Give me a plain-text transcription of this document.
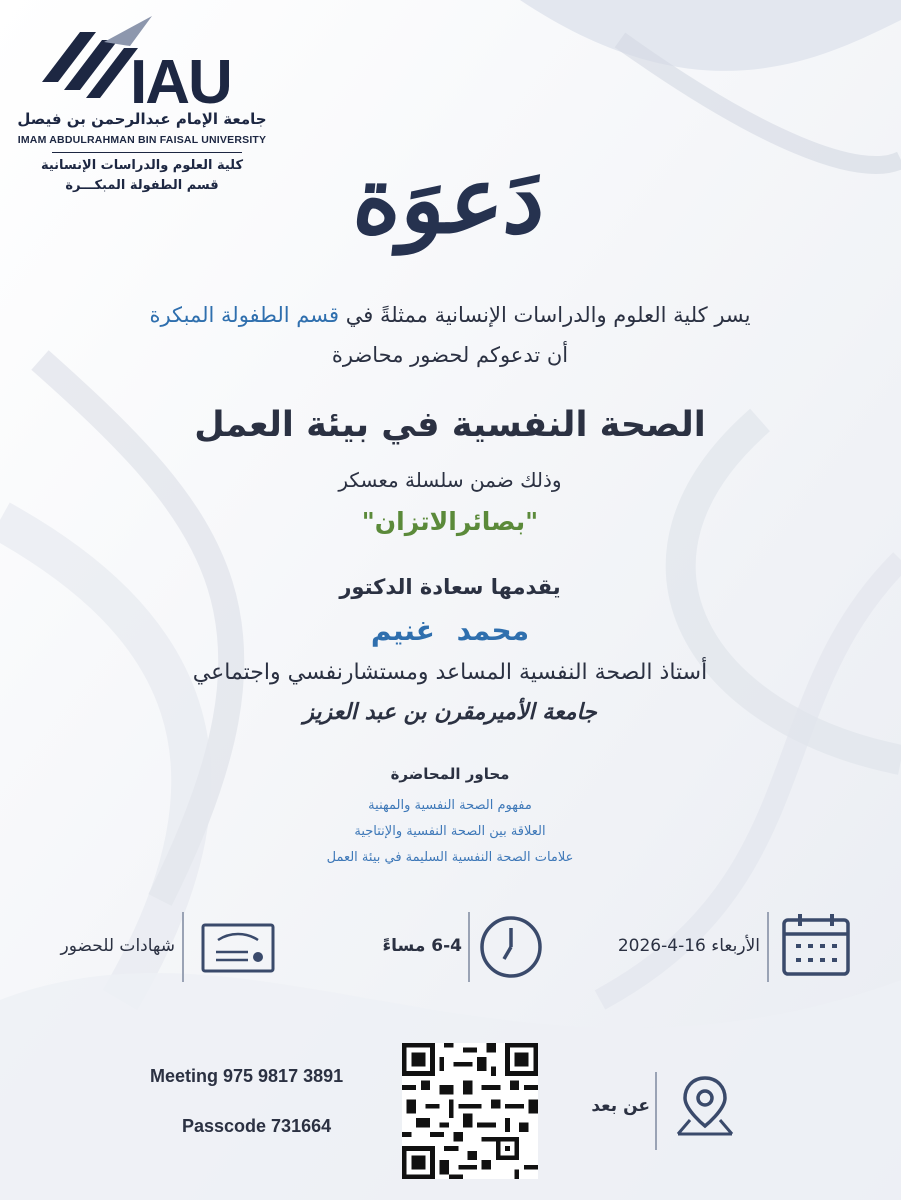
IAU
جامعة الإمام عبدالرحمن بن فيصل
IMAM ABDULRAHMAN BIN FAISAL UNIVERSITY
كلية العلوم والدراسات الإنسانية
قسم الطفولة المبكـــرة	دَعوَة
يسر كلية العلوم والدراسات الإنسانية ممثلةً في قسم الطفولة المبكرة
أن تدعوكم لحضور محاضرة
الصحة النفسية في بيئة العمل
وذلك ضمن سلسلة معسكر
"بصائرالاتزان"
يقدمها سعادة الدكتور
محمد غنيم
أستاذ الصحة النفسية المساعد ومستشارنفسي واجتماعي
جامعة الأميرمقرن بن عبد العزيز
محاور المحاضرة
مفهوم الصحة النفسية والمهنية
العلاقة بين الصحة النفسية والإنتاجية
علامات الصحة النفسية السليمة في بيئة العمل
الأربعاء 16-4-2026
6-4 مساءً
شهادات للحضور
عن بعد
Meeting 975 9817 3891
Passcode 731664
